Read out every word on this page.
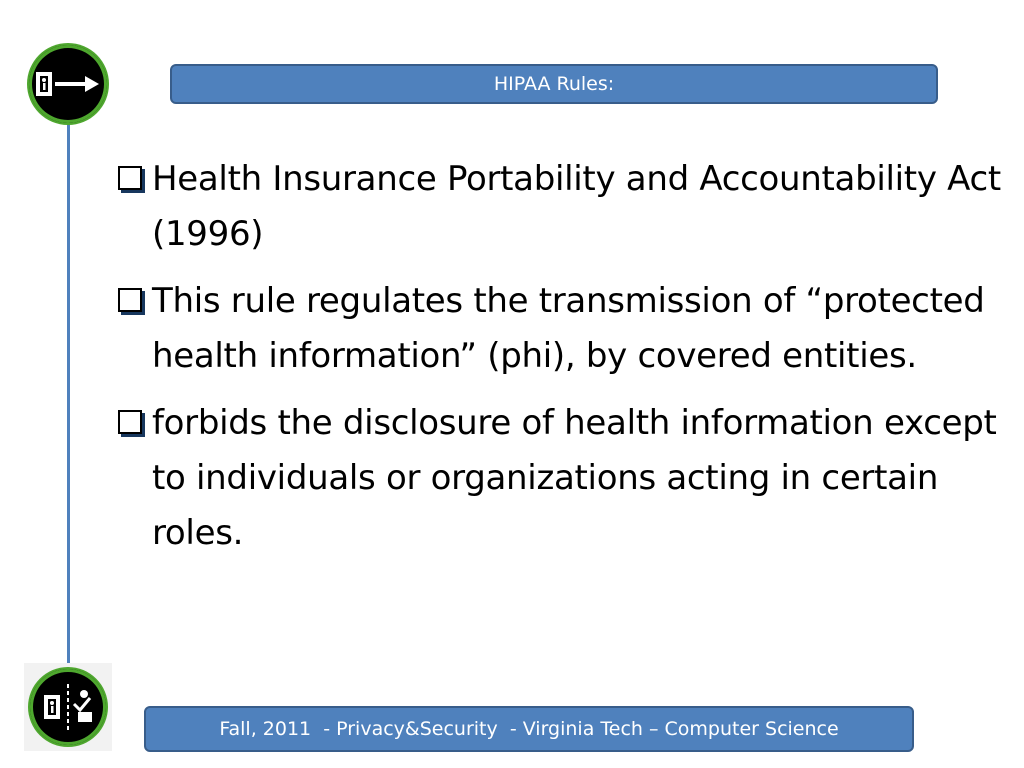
HIPAA Rules:
Health Insurance Portability and Accountability Act (1996)
This rule regulates the transmission of “protected health information” (phi), by covered entities.
forbids the disclosure of health information except to individuals or organizations acting in certain roles.
Fall, 2011  - Privacy&Security  - Virginia Tech – Computer Science
